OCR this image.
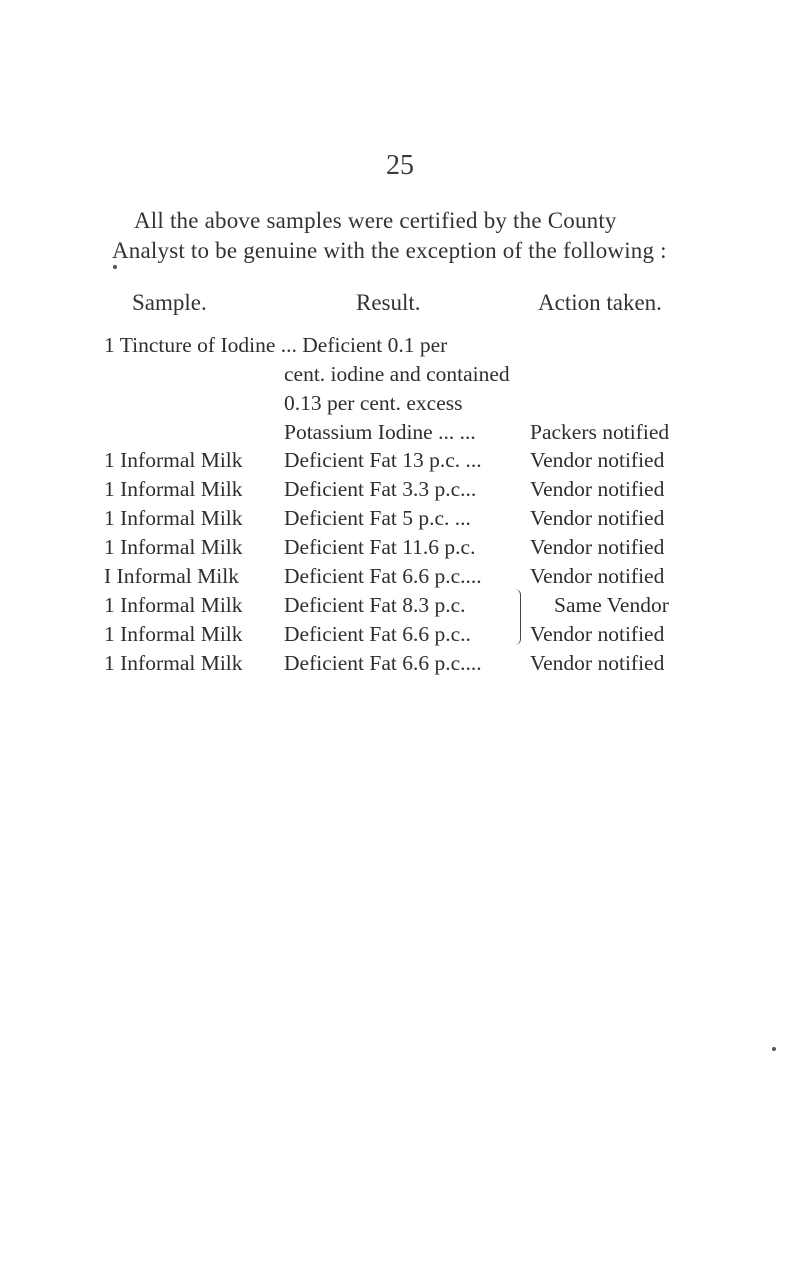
25
All the above samples were certified by the County
Analyst to be genuine with the exception of the following :
Sample.	Result.	Action taken.
1 Tincture of Iodine ... Deficient 0.1 per
cent. iodine and contained
0.13 per cent. excess
Potassium Iodine ... ...	Packers notified
1 Informal Milk Deficient Fat 13 p.c. ... Vendor notified
1 Informal Milk Deficient Fat 3.3 p.c... Vendor notified
1 Informal Milk Deficient Fat 5 p.c. ...	Vendor notified
1 Informal Milk Deficient Fat 11.6 p.c.	Vendor notified
I Informal Milk Deficient Fat 6.6 p.c.... Vendor notified
1 Informal Milk Deficient Fat 8.3 p.c.	Same Vendor
1 Informal Milk Deficient Fat 6.6 p.c..	Vendor notified
1 Informal Milk Deficient Fat 6.6 p.c.... Vendor notified
